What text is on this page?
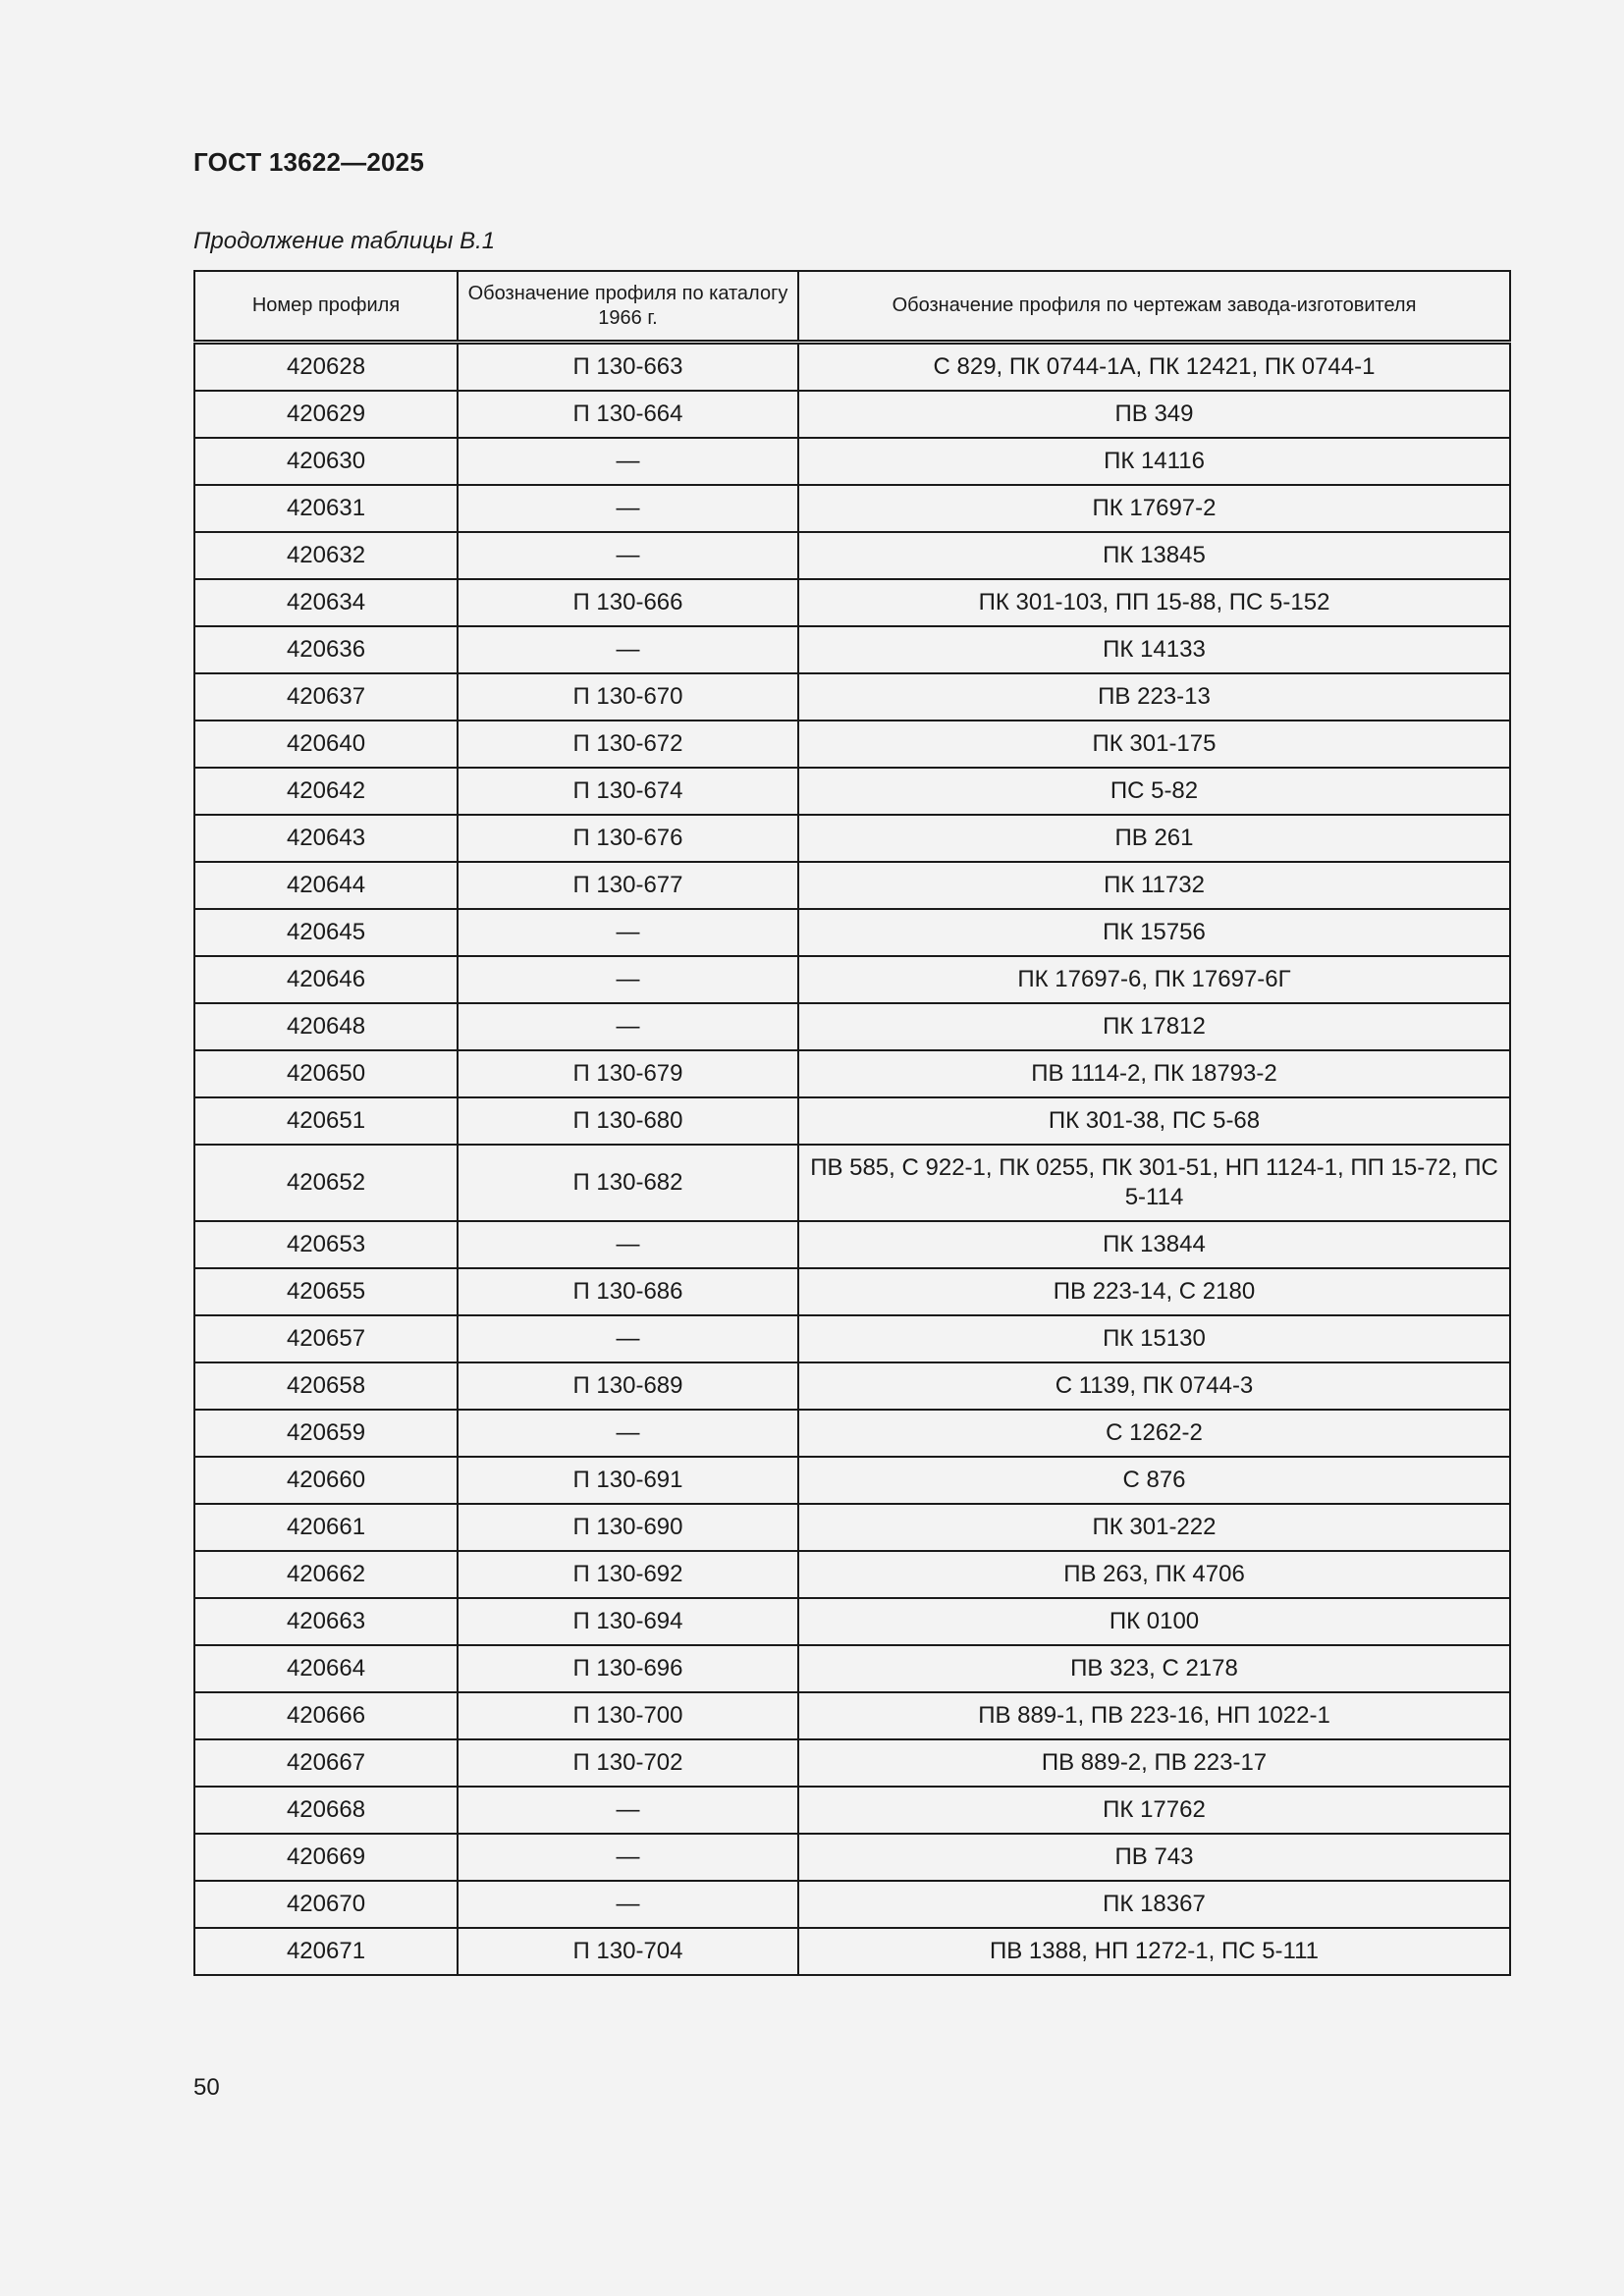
ГОСТ 13622—2025
Продолжение таблицы В.1
Номер профиля	Обозначение профиля по каталогу 1966 г.	Обозначение профиля по чертежам завода-изготовителя
420628	П 130-663	С 829, ПК 0744-1А, ПК 12421, ПК 0744-1
420629	П 130-664	ПВ 349
420630	—	ПК 14116
420631	—	ПК 17697-2
420632	—	ПК 13845
420634	П 130-666	ПК 301-103, ПП 15-88, ПС 5-152
420636	—	ПК 14133
420637	П 130-670	ПВ 223-13
420640	П 130-672	ПК 301-175
420642	П 130-674	ПС 5-82
420643	П 130-676	ПВ 261
420644	П 130-677	ПК 11732
420645	—	ПК 15756
420646	—	ПК 17697-6, ПК 17697-6Г
420648	—	ПК 17812
420650	П 130-679	ПВ 1114-2, ПК 18793-2
420651	П 130-680	ПК 301-38, ПС 5-68
420652	П 130-682	ПВ 585, С 922-1, ПК 0255, ПК 301-51, НП 1124-1, ПП 15-72, ПС 5-114
420653	—	ПК 13844
420655	П 130-686	ПВ 223-14, С 2180
420657	—	ПК 15130
420658	П 130-689	С 1139, ПК 0744-3
420659	—	С 1262-2
420660	П 130-691	С 876
420661	П 130-690	ПК 301-222
420662	П 130-692	ПВ 263, ПК 4706
420663	П 130-694	ПК 0100
420664	П 130-696	ПВ 323, С 2178
420666	П 130-700	ПВ 889-1, ПВ 223-16, НП 1022-1
420667	П 130-702	ПВ 889-2, ПВ 223-17
420668	—	ПК 17762
420669	—	ПВ 743
420670	—	ПК 18367
420671	П 130-704	ПВ 1388, НП 1272-1, ПС 5-111
50
